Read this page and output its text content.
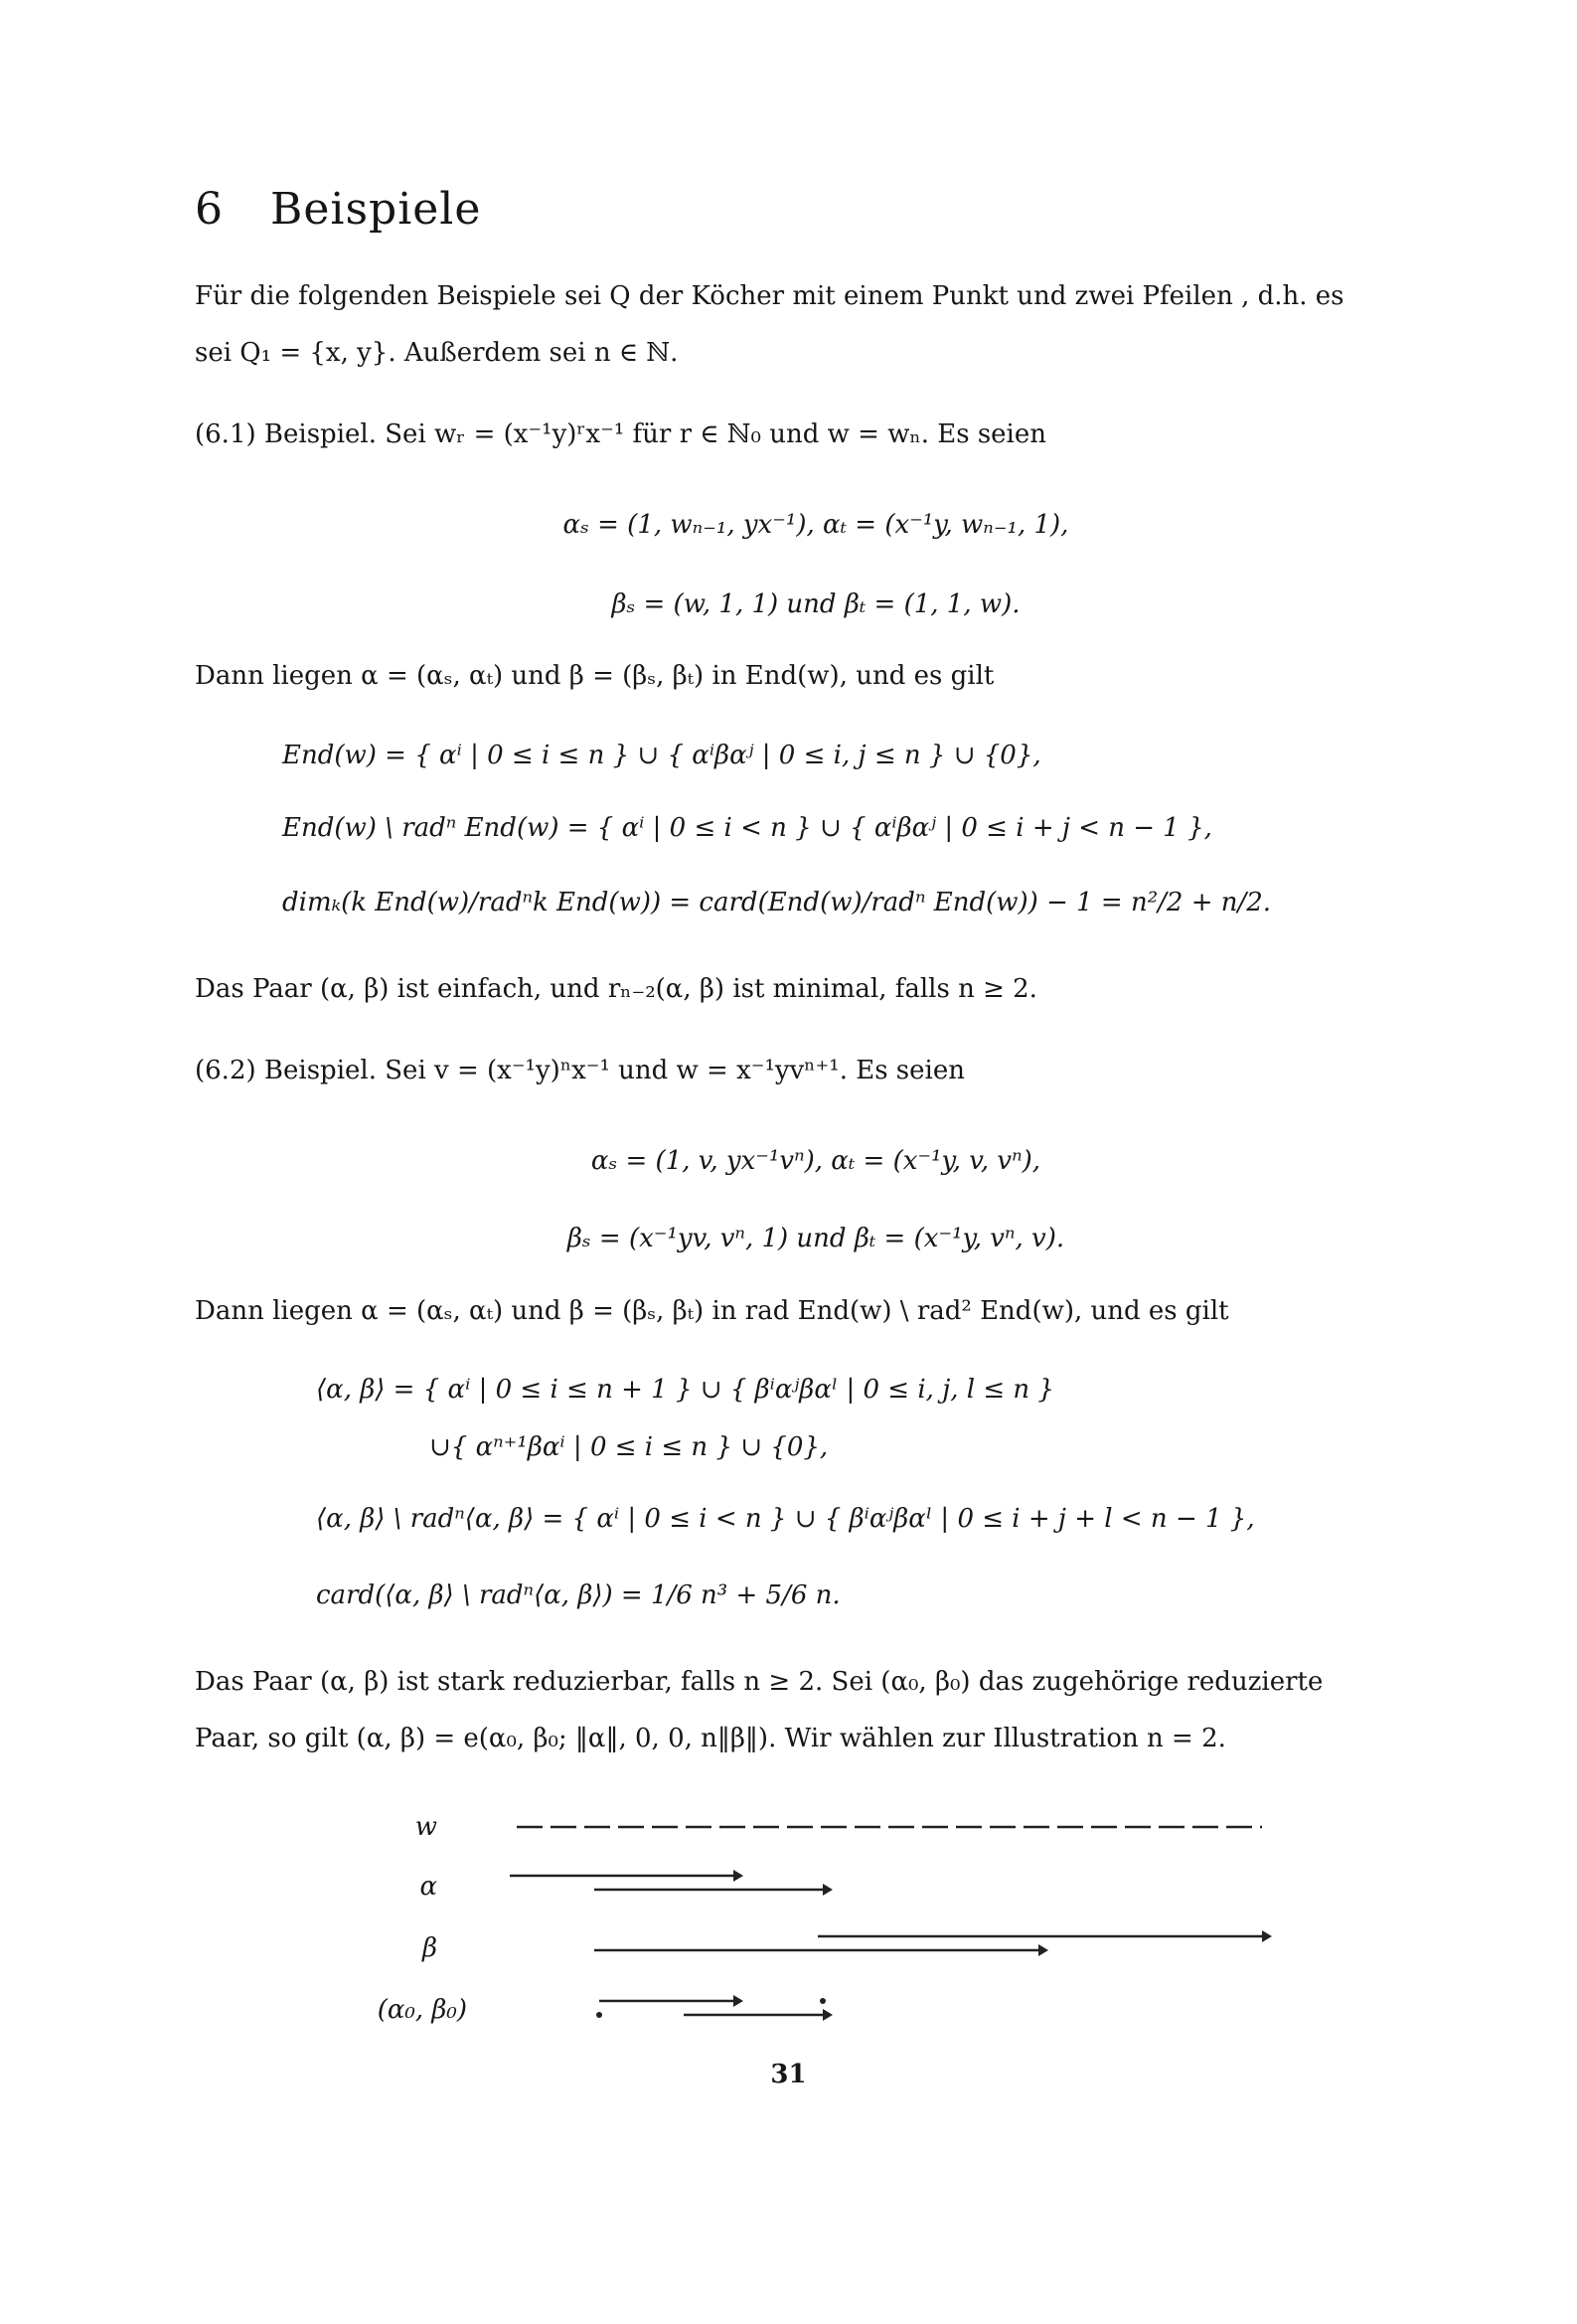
6 Beispiele
Für die folgenden Beispiele sei Q der Köcher mit einem Punkt und zwei Pfeilen , d.h. es
sei Q₁ = {x, y}. Außerdem sei n ∈ ℕ.
(6.1) Beispiel. Sei wᵣ = (x⁻¹y)ʳx⁻¹ für r ∈ ℕ₀ und w = wₙ. Es seien
αₛ = (1, wₙ₋₁, yx⁻¹), αₜ = (x⁻¹y, wₙ₋₁, 1),
βₛ = (w, 1, 1) und βₜ = (1, 1, w).
Dann liegen α = (αₛ, αₜ) und β = (βₛ, βₜ) in End(w), und es gilt
End(w) = { αⁱ | 0 ≤ i ≤ n } ∪ { αⁱβαʲ | 0 ≤ i, j ≤ n } ∪ {0},
End(w) \ radⁿ End(w) = { αⁱ | 0 ≤ i < n } ∪ { αⁱβαʲ | 0 ≤ i + j < n − 1 },
dimₖ(k End(w)/radⁿk End(w)) = card(End(w)/radⁿ End(w)) − 1 = n²/2 + n/2.
Das Paar (α, β) ist einfach, und rₙ₋₂(α, β) ist minimal, falls n ≥ 2.
(6.2) Beispiel. Sei v = (x⁻¹y)ⁿx⁻¹ und w = x⁻¹yvⁿ⁺¹. Es seien
αₛ = (1, v, yx⁻¹vⁿ), αₜ = (x⁻¹y, v, vⁿ),
βₛ = (x⁻¹yv, vⁿ, 1) und βₜ = (x⁻¹y, vⁿ, v).
Dann liegen α = (αₛ, αₜ) und β = (βₛ, βₜ) in rad End(w) \ rad² End(w), und es gilt
⟨α, β⟩ = { αⁱ | 0 ≤ i ≤ n + 1 } ∪ { βⁱαʲβαˡ | 0 ≤ i, j, l ≤ n }
∪{ αⁿ⁺¹βαⁱ | 0 ≤ i ≤ n } ∪ {0},
⟨α, β⟩ \ radⁿ⟨α, β⟩ = { αⁱ | 0 ≤ i < n } ∪ { βⁱαʲβαˡ | 0 ≤ i + j + l < n − 1 },
card(⟨α, β⟩ \ radⁿ⟨α, β⟩) = 1/6 n³ + 5/6 n.
Das Paar (α, β) ist stark reduzierbar, falls n ≥ 2. Sei (α₀, β₀) das zugehörige reduzierte
Paar, so gilt (α, β) = e(α₀, β₀; ‖α‖, 0, 0, n‖β‖). Wir wählen zur Illustration n = 2.
w
α
β
(α₀, β₀)
31
